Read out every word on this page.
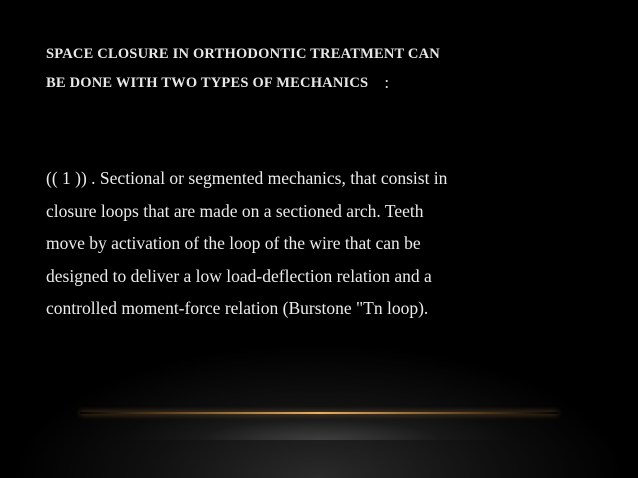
SPACE CLOSURE IN ORTHODONTIC TREATMENT CAN
BE DONE WITH TWO TYPES OF MECHANICS :
(( 1 )) . Sectional or segmented mechanics, that consist in
closure loops that are made on a sectioned arch. Teeth
move by activation of the loop of the wire that can be
designed to deliver a low load-deflection relation and a
controlled moment-force relation (Burstone "Tn loop).
